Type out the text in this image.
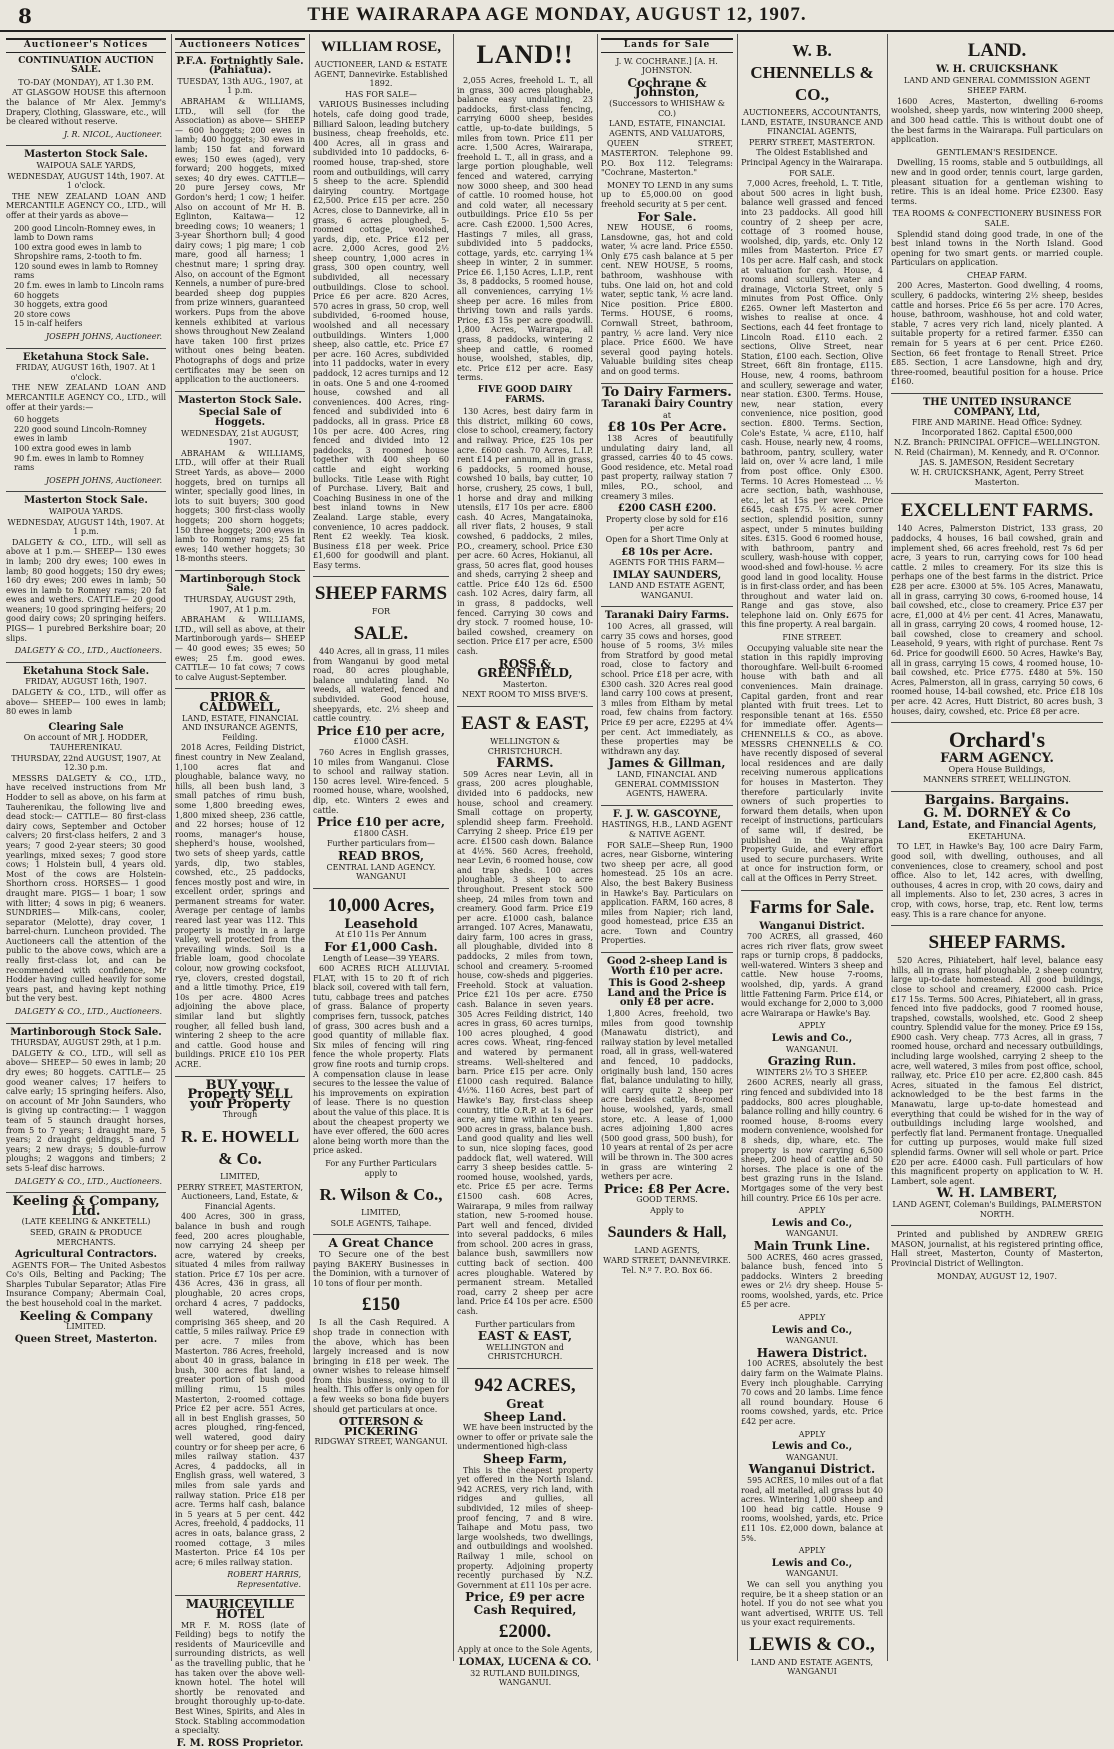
8	THE WAIRARAPA AGE MONDAY, AUGUST 12, 1907.
Auctioneer's Notices
CONTINUATION AUCTION SALE.
TO-DAY (MONDAY), AT 1.30 P.M.

AT GLASGOW HOUSE this afternoon the balance of Mr Alex. Jemmy's Drapery, Clothing, Glassware, etc., will be cleared without reserve.

J. R. NICOL, Auctioneer.
Masterton Stock Sale.
WAIPOUA SALE YARDS,
WEDNESDAY, AUGUST 14th, 1907. At 1 o'clock.

THE NEW ZEALAND LOAN AND MERCANTILE AGENCY CO., LTD., will offer at their yards as above—

200 good Lincoln-Romney ewes, in lamb to Down rams
100 extra good ewes in lamb to Shropshire rams, 2-tooth to fm.
120 sound ewes in lamb to Romney rams
20 f.m. ewes in lamb to Lincoln rams
60 hoggets
30 hoggets, extra good
20 store cows
15 in-calf heifers
JOSEPH JOHNS, Auctioneer.
Eketahuna Stock Sale.
FRIDAY, AUGUST 16th, 1907. At 1 o'clock.

THE NEW ZEALAND LOAN AND MERCANTILE AGENCY CO., LTD., will offer at their yards:—

60 hoggets
220 good sound Lincoln-Romney ewes in lamb
100 extra good ewes in lamb
90 f.m. ewes in lamb to Romney rams
JOSEPH JOHNS, Auctioneer.
Masterton Stock Sale.
WAIPOUA YARDS.
WEDNESDAY, AUGUST 14th, 1907. At 1 p.m.

DALGETY & CO., LTD., will sell as above at 1 p.m.— SHEEP— 130 ewes in lamb; 200 dry ewes; 100 ewes in lamb; 80 good hoggets; 150 dry ewes; 160 dry ewes; 200 ewes in lamb; 50 ewes in lamb to Romney rams; 20 fat ewes and wethers. CATTLE— 20 good weaners; 10 good springing heifers; 20 good dairy cows; 20 springing heifers. PIGS— 1 purebred Berkshire boar; 20 slips.

DALGETY & CO., LTD., Auctioneers.
Eketahuna Stock Sale.
FRIDAY, AUGUST 16th, 1907.

DALGETY & CO., LTD., will offer as above— SHEEP— 100 ewes in lamb; 80 ewes in lamb

Clearing Sale
On account of MR J. HODDER, TAUHERENIKAU.
THURSDAY, 22nd AUGUST, 1907, At 12.30 p.m.

MESSRS DALGETY & CO., LTD., have received instructions from Mr Hodder to sell as above, on his farm at Tauherenikau, the following live and dead stock:— CATTLE— 80 first-class dairy cows, September and October calvers; 20 first-class heifers, 2 and 3 years; 7 good 2-year steers; 30 good yearlings, mixed sexes; 7 good store cows; 1 Holstein bull, 4 years old. Most of the cows are Holstein-Shorthorn cross. HORSES— 1 good draught mare. PIGS— 1 boar; 1 sow with litter; 4 sows in pig; 6 weaners. SUNDRIES— Milk-cans, cooler, separator (Melotte), dray cover, 1 barrel-churn. Luncheon provided. The Auctioneers call the attention of the public to the above cows, which are a really first-class lot, and can be recommended with confidence, Mr Hodder having culled heavily for some years past, and having kept nothing but the very best.

DALGETY & CO., LTD., Auctioneers.
Martinborough Stock Sale.
THURSDAY, AUGUST 29th, at 1 p.m.

DALGETY & CO., LTD., will sell as above— SHEEP— 50 ewes in lamb; 20 dry ewes; 80 hoggets. CATTLE— 25 good weaner calves; 17 heifers to calve early; 15 springing heifers. Also, on account of Mr John Saunders, who is giving up contracting:— 1 waggon team of 5 staunch draught horses, from 5 to 7 years; 1 draught mare, 5 years; 2 draught geldings, 5 and 7 years; 2 new drays; 5 double-furrow ploughs; 2 waggons and timbers; 2 sets 5-leaf disc harrows.

DALGETY & CO., LTD., Auctioneers.
Keeling & Company, Ltd.
(LATE KEELING & ANKETELL)
SEED, GRAIN & PRODUCE MERCHANTS.
Agricultural Contractors.

AGENTS FOR— The United Asbestos Co's Oils, Belting and Packing; The Sharples Tubular Separator; Atlas Fire Insurance Company; Abermain Coal, the best household coal in the market.

Keeling & Company
LIMITED.
Queen Street, Masterton.
Auctioneers Notices
P.F.A. Fortnightly Sale. (Pahiatua).
TUESDAY, 13th AUG., 1907, at 1 p.m.

ABRAHAM & WILLIAMS, LTD., will sell (for the Association) as above— SHEEP— 600 hoggets; 200 ewes in lamb; 400 hoggets; 30 ewes in lamb; 150 fat and forward ewes; 150 ewes (aged), very forward; 200 hoggets, mixed sexes; 40 dry ewes. CATTLE— 20 pure Jersey cows, Mr Gordon's herd; 1 cow; 1 heifer. Also on account of Mr H. B. Eglinton, Kaitawa— 12 breeding cows; 10 weaners; 1 3-year Shorthorn bull; 4 good dairy cows; 1 pig mare; 1 cob mare, good all harness; 1 chestnut mare; 1 spring dray. Also, on account of the Egmont Kennels, a number of pure-bred bearded sheep dog puppies from prize winners, guaranteed workers. Pups from the above kennels exhibited at various shows throughout New Zealand have taken 100 first prizes without ones being beaten. Photographs of dogs and prize certificates may be seen on application to the auctioneers.

Masterton Stock Sale.
Special Sale of Hoggets.
WEDNESDAY, 21st AUGUST, 1907.

ABRAHAM & WILLIAMS, LTD., will offer at their Ruall Street Yards, as above— 2000 hoggets, bred on turnips all winter, specially good lines, in lots to suit buyers; 300 good hoggets; 300 first-class woolly hoggets; 200 shorn hoggets; 150 three hoggets; 200 ewes in lamb to Romney rams; 25 fat ewes; 140 wether hoggets; 30 18-months steers.

Martinborough Stock Sale.
THURSDAY, AUGUST 29th, 1907, At 1 p.m.

ABRAHAM & WILLIAMS, LTD., will sell as above, at their Martinborough yards— SHEEP— 40 good ewes; 35 ewes; 50 ewes; 25 f.m. good ewes. CATTLE— 10 fat cows; 7 cows to calve August-September.

PRIOR & CALDWELL,
LAND, ESTATE, FINANCIAL AND INSURANCE AGENTS, Feilding.

2018 Acres, Feilding District, finest country in New Zealand, 1,100 acres flat and ploughable, balance wavy, no hills, all been bush land, 3 small patches of rimu bush, some 1,800 breeding ewes, 1,800 mixed sheep, 236 cattle, and 22 horses; house of 12 rooms, manager's house, shepherd's house, woolshed, two sets of sheep yards, cattle yards, dip, two stables, cowshed, etc., 25 paddocks, fences mostly post and wire, in excellent order, springs and permanent streams for water. Average per centage of lambs reared last year was 112. This property is mostly in a large valley, well protected from the prevailing winds. Soil is a friable loam, good chocolate colour, now growing cocksfoot, rye, clovers, crested dogstail, and a little timothy. Price, £19 10s per acre. 4800 Acres adjoining the above place, similar land but slightly rougher, all felled bush land, wintering 2 sheep to the acre and cattle. Good house and buildings. PRICE £10 10s PER ACRE.

BUY your Property SELL your Property
Through
R. E. HOWELL & Co.
LIMITED,
PERRY STREET, MASTERTON, Auctioneers, Land, Estate, & Financial Agents.

400 Acres, 300 in grass, balance in bush and rough feed, 200 acres ploughable, now carrying 24 sheep per acre, watered by creeks, situated 4 miles from railway station. Price £7 10s per acre. 436 Acres, 436 in grass, all ploughable, 20 acres crops, orchard 4 acres, 7 paddocks, well watered, dwelling comprising 365 sheep, and 20 cattle, 5 miles railway. Price £9 per acre. 7 miles from Masterton. 786 Acres, freehold, about 40 in grass, balance in bush, 300 acres flat land, a greater portion of bush good milling rimu, 15 miles Masterton, 2-roomed cottage. Price £2 per acre. 551 Acres, all in best English grasses, 50 acres ploughed, ring-fenced, well watered, good dairy country or for sheep per acre, 6 miles railway station. 437 Acres, 4 paddocks, all in English grass, well watered, 3 miles from sale yards and railway station. Price £18 per acre. Terms half cash, balance in 5 years at 5 per cent. 442 Acres, freehold, 4 paddocks, 11 acres in oats, balance grass, 2 roomed cottage, 3 miles Masterton. Price £4 10s per acre; 6 miles railway station.

ROBERT HARRIS, Representative.
MAURICEVILLE HOTEL

MR F. M. ROSS (late of Feilding) begs to notify the residents of Mauriceville and surrounding districts, as well as the travelling public, that he has taken over the above well-known hotel. The hotel will shortly be renovated and brought thoroughly up-to-date. Best Wines, Spirits, and Ales in Stock. Stabling accommodation a specialty.

F. M. ROSS Proprietor.
WILLIAM ROSE,
AUCTIONEER, LAND & ESTATE AGENT, Dannevirke. Established 1892.
HAS FOR SALE—

VARIOUS Businesses including hotels, cafe doing good trade, Billiard Saloon, leading butchery business, cheap freeholds, etc. 400 Acres, all in grass and subdivided into 10 paddocks, 6-roomed house, trap-shed, store room and outbuildings, will carry 5 sheep to the acre. Splendid dairying country. Mortgage £2,500. Price £15 per acre. 250 Acres, close to Dannevirke, all in grass, 6 acres ploughed, 5-roomed cottage, woolshed, yards, dip, etc. Price £12 per acre. 2,000 Acres, good 2½ sheep country, 1,000 acres in grass, 300 open country, well subdivided, all necessary outbuildings. Close to school. Price £6 per acre. 820 Acres, 570 acres in grass, 50 crop, well subdivided, 6-roomed house, woolshed and all necessary outbuildings. Winters 1,000 sheep, also cattle, etc. Price £7 per acre. 160 Acres, subdivided into 11 paddocks, water in every paddock, 12 acres turnips and 12 in oats. One 5 and one 4-roomed house, cowshed and all conveniences. 400 Acres, ring-fenced and subdivided into 6 paddocks, all in grass. Price £8 10s per acre. 400 Acres, ring fenced and divided into 12 paddocks, 3 roomed house together with 400 sheep 60 cattle and eight working bullocks. Title Lease with Right of Purchase. Livery, Bait and Coaching Business in one of the best inland towns in New Zealand. Large stable, every convenience, 10 acres paddock. Rent £2 weekly. Tea kiosk. Business £18 per week. Price £1,600 for goodwill and plant. Easy terms.

SHEEP FARMS
FOR
SALE.

440 Acres, all in grass, 11 miles from Wanganui by good metal road, 80 acres ploughable, balance undulating land. No weeds, all watered, fenced and subdivided. Good house, sheepyards, etc. 2½ sheep and cattle country.

Price £10 per acre,
£1000 CASH.

760 Acres in English grasses, 10 miles from Wanganui. Close to school and railway station. 150 acres level. Wire-fenced. 5 roomed house, whare, woolshed, dip, etc. Winters 2 ewes and cattle.

Price £10 per acre,
£1800 CASH.
Further particulars from—
READ BROS,
CENTRAL LAND AGENCY. WANGANUI
10,000 Acres,
Leasehold
At £10 11s Per Annum
For £1,000 Cash.
Length of Lease—39 YEARS.

600 ACRES RICH ALLUVIAL FLAT, with 15 to 20 ft of rich black soil, covered with tall fern, tutu, cabbage trees and patches of grass. Balance of property comprises fern, tussock, patches of grass, 300 acres bush and a good quantity of millable flax. Six miles of fencing will ring fence the whole property. Flats grow fine roots and turnip crops. A compensation clause in lease secures to the lessee the value of his improvements on expiration of lease. There is no question about the value of this place. It is about the cheapest property we have ever offered, the 600 acres alone being worth more than the price asked.

For any Further Particulars apply to
R. Wilson & Co.,
LIMITED,
SOLE AGENTS, Taihape.
A Great Chance

TO Secure one of the best paying BAKERY Businesses in the Dominion, with a turnover of 10 tons of flour per month.

£150

Is all the Cash Required. A shop trade in connection with the above, which has been largely increased and is now bringing in £18 per week. The owner wishes to release himself from this business, owing to ill health. This offer is only open for a few weeks so bona fide buyers should get particulars at once.

OTTERSON & PICKERING
RIDGWAY STREET, WANGANUI.
LAND!!

2,055 Acres, freehold L. T., all in grass, 300 acres ploughable, balance easy undulating, 23 paddocks, first-class fencing, carrying 6000 sheep, besides cattle, up-to-date buildings, 5 miles from town. Price £11 per acre. 1,500 Acres, Wairarapa, freehold L. T., all in grass, and a large portion ploughable, well fenced and watered, carrying now 3000 sheep, and 300 head of cattle. 10 roomed house, hot and cold water, all necessary outbuildings. Price £10 5s per acre. Cash £2000. 1,500 Acres, Hastings 7 miles, all grass, subdivided into 5 paddocks, cottage, yards, etc. carrying 1¾ sheep in winter, 2 in summer. Price £6. 1,150 Acres, L.I.P., rent 3s, 8 paddocks, 5 roomed house, all conveniences, carrying 1½ sheep per acre. 16 miles from thriving town and rails yards. Price, £3 15s per acre goodwill. 1,800 Acres, Wairarapa, all grass, 8 paddocks, wintering 2 sheep and cattle, 6 roomed house, woolshed, stables, dip, etc. Price £12 per acre. Easy terms.

FIVE GOOD DAIRY FARMS.

130 Acres, best dairy farm in this district, milking 60 cows, close to school, creamery, factory and railway. Price, £25 10s per acre. £600 cash. 70 Acres, L.I.P. rent £14 per annum, all in grass, 6 paddocks, 5 roomed house, cowshed 10 bails, bay cutter, 10 horse, crushery, 25 cows, 1 bull, 1 horse and dray and milking utensils, £17 10s per acre. £800 cash. 40 Acres, Mangatainoka, all river flats, 2 houses, 9 stall cowshed, 6 paddocks, 2 miles, P.O., creamery, school. Price £30 per acre. 60 Acres, Hokianui, all grass, 50 acres flat, good houses and sheds, carrying 2 sheep and cattle. Price £40 12s 6d. £500 cash. 102 Acres, dairy farm, all in grass, 8 paddocks, well fenced. Carrying 30 cows and dry stock. 7 roomed house, 10-bailed cowshed, creamery on section. Price £17 per acre, £500 cash.

ROSS & GREENFIELD,
Masterton.
NEXT ROOM TO MISS BIVE'S.
EAST & EAST,
WELLINGTON & CHRISTCHURCH.
FARMS.

509 Acres near Levin, all in grass, 200 acres ploughable, divided into 6 paddocks, new house, school and creamery. Small cottage on property, splendid sheep farm. Freehold. Carrying 2 sheep. Price £19 per acre. £1500 cash down. Balance at 4½%. 560 Acres, freehold, near Levin, 6 roomed house, cow and trap sheds. 100 acres ploughable, 3 sheep to acre throughout. Present stock 500 sheep, 24 miles from town and creamery. Good farm. Price £19 per acre. £1000 cash, balance arranged. 107 Acres, Manawatu, dairy farm, 100 acres in grass, all ploughable, divided into 8 paddocks, 2 miles from town, school and creamery. 5-roomed house, cow-sheds and piggeries. Freehold. Stock at valuation. Price £21 10s per acre. £750 cash. Balance in seven years. 305 Acres Feilding district, 140 acres in grass, 60 acres turnips, 100 acres ploughed, 4 good acres cows. Wheat, ring-fenced and watered by permanent streams. Well-sheltered and barn. Price £15 per acre. Only £1000 cash required. Balance 4½%. 1160 Acres, best part of Hawke's Bay, first-class sheep country, title O.R.P. at 1s 6d per acre, any time within ten years. 900 acres in grass, balance bush. Land good quality and lies well to sun, nice sloping faces, good paddock flat, well watered. Will carry 3 sheep besides cattle. 5-roomed house, woolshed, yards, etc. Price £5 per acre. Terms £1500 cash. 608 Acres, Wairarapa, 9 miles from railway station, new 5-roomed house. Part well and fenced, divided into several paddocks, 6 miles from school. 200 acres in grass, balance bush, sawmillers now cutting back of section. 400 acres ploughable. Watered by permanent stream. Metalled road, carry 2 sheep per acre land. Price £4 10s per acre. £500 cash.

Further particulars from
EAST & EAST,
WELLINGTON and CHRISTCHURCH.
942 ACRES,
Great
Sheep Land.

WE have been instructed by the owner to offer or private sale the undermentioned high-class

Sheep Farm,

This is the cheapest property yet offered in the North Island. 942 ACRES, very rich land, with ridges and gullies, all subdivided, 12 miles of sheep-proof fencing, 7 and 8 wire. Taihape and Motu pass, two large woolsheds, two dwellings, and outbuildings and woolshed. Railway 1 mile, school on property. Adjoining property recently purchased by N.Z. Government at £11 10s per acre.

Price, £9 per acre
Cash Required,
£2000.
Apply at once to the Sole Agents,
LOMAX, LUCENA & CO.
32 RUTLAND BUILDINGS, WANGANUI.
Lands for Sale
J. W. COCHRANE.] [A. H. JOHNSTON.
Cochrane & Johnston,
(Successors to WHISHAW & CO.)
LAND, ESTATE, FINANCIAL AGENTS, AND VALUATORS,

QUEEN STREET, MASTERTON. Telephone 99. P.O. Box 112. Telegrams: "Cochrane, Masterton."

MONEY TO LEND in any sums up to £5,000.00 on good freehold security at 5 per cent.

For Sale.

NEW HOUSE, 6 rooms, Lansdowne, gas, hot and cold water, ¼ acre land. Price £550. Only £75 cash balance at 5 per cent. NEW HOUSE, 5 rooms, bathroom, washhouse with tubs. One laid on, hot and cold water, septic tank, ½ acre land. Nice position. Price £800. Terms. HOUSE, 6 rooms, Cornwall Street, bathroom, pantry, ½ acre land. Very nice place. Price £600. We have several good paying hotels. Valuable building sites cheap and on good terms.

To Dairy Farmers.
Taranaki Dairy Country
at
£8 10s Per Acre.

138 Acres of beautifully undulating dairy land, all grassed, carries 40 to 45 cows. Good residence, etc. Metal road past property, railway station 7 miles, P.O., school, and creamery 3 miles.

£200 CASH £200.
Property close by sold for £16 per acre
Open for a Short Time Only at
£8 10s per Acre.
AGENTS FOR THIS FARM—
IMLAY SAUNDERS,
LAND AND ESTATE AGENT, WANGANUI.
Taranaki Dairy Farms.

100 Acres, all grassed, will carry 35 cows and horses, good house of 5 rooms, 3½ miles from Stratford by good metal road, close to factory and school. Price £18 per acre, with £300 cash. 320 Acres real good land carry 100 cows at present, 3 miles from Eltham by metal road, few chains from factory. Price £9 per acre, £2295 at 4¼ per cent. Act immediately, as these properties may be withdrawn any day.

James & Gillman,
LAND, FINANCIAL AND GENERAL COMMISSION AGENTS, HAWERA.
F. J. W. GASCOYNE,
HASTINGS, H.B., LAND AGENT & NATIVE AGENT.

FOR SALE—Sheep Run, 1900 acres, near Gisborne, wintering two sheep per acre, all good homestead. 25 10s an acre. Also, the best Bakery Business in Hawke's Bay. Particulars on application. FARM, 160 acres, 8 miles from Napier; rich land, good homestead, price £35 an acre. Town and Country Properties.

Good 2-sheep Land is Worth £10 per acre.
This is Good 2-sheep Land and the Price is only £8 per acre.

1,800 Acres, freehold, two miles from good township (Manawatu district), and railway station by level metalled road, all in grass, well-watered and fenced, 10 paddocks, originally bush land, 150 acres flat, balance undulating to hilly, will carry quite 2 sheep per acre besides cattle, 8-roomed house, woolshed, yards, small store, etc. A lease of 1,000 acres adjoining 1,800 acres (500 good grass, 500 bush), for 10 years at rental of 2s per acre will be thrown in. The 300 acres in grass are wintering 2 wethers per acre.

Price: £8 Per Acre.
GOOD TERMS.
Apply to
Saunders & Hall,
LAND AGENTS,
WARD STREET, DANNEVIRKE. Tel. N.º 7. P.O. Box 66.
W. B. CHENNELLS & CO.,
AUCTIONEERS, ACCOUNTANTS, LAND, ESTATE, INSURANCE AND FINANCIAL AGENTS,
PERRY STREET, MASTERTON.
The Oldest Established and Principal Agency in the Wairarapa.
FOR SALE.

7,000 Acres, freehold, L. T. Title, about 500 acres in light bush, balance well grassed and fenced into 23 paddocks. All good hill country of 2 sheep per acre, cottage of 3 roomed house, woolshed, dip, yards, etc. Only 12 miles from Masterton. Price £7 10s per acre. Half cash, and stock at valuation for cash. House, 4 rooms and scullery, water and drainage, Victoria Street, only 5 minutes from Post Office. Only £265. Owner left Masterton and wishes to realise at once. 4 Sections, each 44 feet frontage to Lincoln Road. £110 each. 2 sections, Olive Street, near Station, £100 each. Section, Olive Street, 66ft 8in frontage, £115. House, new, 4 rooms, bathroom and scullery, sewerage and water, near station. £300. Terms. House, new, near station, every convenience, nice position, good section. £800. Terms. Section, Cole's Estate, ¼ acre, £110, half cash. House, nearly new, 4 rooms, bathroom, pantry, scullery, water laid on, over ¼ acre land, 1 mile from post office. Only £300. Terms. 10 Acres Homestead ... ½ acre section, bath, washhouse, etc., let at 15s per week. Price £645, cash £75. ½ acre corner section, splendid position, sunny aspect, under 5 minutes building sites. £315. Good 6 roomed house, with bathroom, pantry and scullery, wash-house with copper, wood-shed and fowl-house. ½ acre good land in good locality. House is in first-class order, and has been throughout and water laid on. Range and gas stove, also telephone laid on. Only £675 for this fine property. A real bargain.

FINE STREET.

Occupying valuable site near the station in this rapidly improving thoroughfare. Well-built 6-roomed house with bath and all conveniences. Main drainage. Capital garden, front and rear planted with fruit trees. Let to responsible tenant at 16s. £550 for immediate offer. Agents—CHENNELLS & CO., as above. MESSRS CHENNELLS & CO. have recently disposed of several local residences and are daily receiving numerous applications for houses in Masterton. They therefore particularly invite owners of such properties to forward them details, when upon receipt of instructions, particulars of same will, if desired, be published in the Wairarapa Property Guide, and every effort used to secure purchasers. Write at once for instruction form, or call at the Offices in Perry Street.

Farms for Sale.
Wanganui District.

700 ACRES, all grassed, 460 acres rich river flats, grow sweet raps or turnip crops, 8 paddocks, well-watered. Winters 3 sheep and cattle. New house 7-rooms, woolshed, dip, yards. A grand little Fattening Farm. Price £14, or would exchange for 2,000 to 3,000 acre Wairarapa or Hawke's Bay.

APPLY
Lewis and Co.,
WANGANUI.
Grazing Run.
WINTERS 2½ TO 3 SHEEP.

2600 ACRES, nearly all grass, ring fenced and subdivided into 18 paddocks, 800 acres ploughable, balance rolling and hilly country. 6 roomed house, 8-rooms every modern convenience, woolshed for 8 sheds, dip, whare, etc. The property is now carrying 6,500 sheep, 200 head of cattle and 50 horses. The place is one of the best grazing runs in the Island. Mortgages some of the very best hill country. Price £6 10s per acre.

APPLY
Lewis and Co.,
WANGANUI.
Main Trunk Line.

500 ACRES, 460 acres grassed, balance bush, fenced into 5 paddocks. Winters 2 breeding ewes or 2½ dry sheep. House 5-rooms, woolshed, yards, etc. Price £5 per acre.

APPLY
Lewis and Co.,
WANGANUI.
Hawera District.

100 ACRES, absolutely the best dairy farm on the Waimate Plains. Every inch ploughable. Carrying 70 cows and 20 lambs. Lime fence all round boundary. House 6 rooms cowshed, yards, etc. Price £42 per acre.

APPLY
Lewis and Co.,
WANGANUI.
Wanganui District.

595 ACRES, 10 miles out of a flat road, all metalled, all grass but 40 acres. Wintering 1,000 sheep and 100 head big cattle. House 9 rooms, woolshed, yards, etc. Price £11 10s. £2,000 down, balance at 5%.

APPLY
Lewis and Co.,
WANGANUI.

We can sell you anything you require, be it a sheep station or an hotel. If you do not see what you want advertised, WRITE US. Tell us your exact requirements.

LEWIS & CO.,
LAND AND ESTATE AGENTS, WANGANUI
LAND.
W. H. CRUICKSHANK
LAND AND GENERAL COMMISSION AGENT
SHEEP FARM.

1600 Acres, Masterton, dwelling 6-rooms woolshed, sheep yards, now wintering 2000 sheep, and 300 head cattle. This is without doubt one of the best farms in the Wairarapa. Full particulars on application.

GENTLEMAN'S RESIDENCE.

Dwelling, 15 rooms, stable and 5 outbuildings, all new and in good order, tennis court, large garden, pleasant situation for a gentleman wishing to retire. This is an ideal home. Price £2300. Easy terms.

TEA ROOMS & CONFECTIONERY BUSINESS FOR SALE.

Splendid stand doing good trade, in one of the best inland towns in the North Island. Good opening for two smart gents. or married couple. Particulars on application.

CHEAP FARM.

200 Acres, Masterton. Good dwelling, 4 rooms, scullery, 6 paddocks, wintering 2½ sheep, besides cattle and horses. Price £6 5s per acre. 170 Acres, house, bathroom, washhouse, hot and cold water, stable, 7 acres very rich land, nicely planted. A suitable property for a retired farmer. £350 can remain for 5 years at 6 per cent. Price £260. Section, 66 feet frontage to Renall Street. Price £85. Section, 1 acre Lansdowne, high and dry, three-roomed, beautiful position for a house. Price £160.

THE UNITED INSURANCE COMPANY, Ltd,
FIRE AND MARINE. Head Office: Sydney. Incorporated 1862. Capital £500,000
N.Z. Branch: PRINCIPAL OFFICE—WELLINGTON. N. Reid (Chairman), M. Kennedy, and R. O'Connor. JAS. S. JAMESON, Resident Secretary
W. H. CRUICKSHANK, Agent, Perry Street Masterton.
EXCELLENT FARMS.

140 Acres, Palmerston District, 133 grass, 20 paddocks, 4 houses, 16 bail cowshed, grain and implement shed, 66 acres freehold, rest 7s 6d per acre, 3 years to run, carrying cows for 100 head cattle. 2 miles to creamery. For its size this is perhaps one of the best farms in the district. Price £28 per acre. £3000 at 5%. 105 Acres, Manawatu, all in grass, carrying 30 cows, 6-roomed house, 14 bail cowshed, etc., close to creamery. Price £37 per acre, £1,000 at 4½ per cent. 41 Acres, Manawatu, all in grass, carrying 20 cows, 4 roomed house, 12-bail cowshed, close to creamery and school. Leasehold, 9 years, with right of purchase. Rent 7s 6d. Price for goodwill £600. 50 Acres, Hawke's Bay, all in grass, carrying 15 cows, 4 roomed house, 10-bail cowshed, etc. Price £775. £480 at 5%. 150 Acres, Palmerston, all in grass, carrying 50 cows, 6 roomed house, 14-bail cowshed, etc. Price £18 10s per acre. 42 Acres, Hutt District, 80 acres bush, 3 houses, dairy, cowshed, etc. Price £8 per acre.

Orchard's
FARM AGENCY.
Opera House Buildings,
MANNERS STREET, WELLINGTON.
Bargains. Bargains.
G. M. DORNEY & Co
Land, Estate, and Financial Agents,
EKETAHUNA.

TO LET, in Hawke's Bay, 100 acre Dairy Farm, good soil, with dwelling, outhouses, and all conveniences, close to creamery, school and post office. Also to let, 142 acres, with dwelling, outhouses, 4 acres in crop, with 20 cows, dairy and all implements. Also to let, 230 acres, 3 acres in crop, with cows, horse, trap, etc. Rent low, terms easy. This is a rare chance for anyone.

SHEEP FARMS.

520 Acres, Pihiatebert, half level, balance easy hills, all in grass, half ploughable, 2 sheep country, large up-to-date homestead. All good buildings, close to school and creamery, £2000 cash. Price £17 15s. Terms. 500 Acres, Pihiatebert, all in grass, fenced into five paddocks, good 7 roomed house, trapshed, cowstalls, woolshed, etc. Good 2 sheep country. Splendid value for the money. Price £9 15s, £900 cash. Very cheap. 773 Acres, all in grass, 7 roomed house, orchard and necessary outbuildings, including large woolshed, carrying 2 sheep to the acre, well watered, 3 miles from post office, school, railway, etc. Price £10 per acre. £2,800 cash. 845 Acres, situated in the famous Eel district, acknowledged to be the best farms in the Manawatu, large up-to-date homestead and everything that could be wished for in the way of outbuildings including large woolshed, and perfectly flat land. Permanent frontage. Unequalled for cutting up purposes, would make full sized splendid farms. Owner will sell whole or part. Price £20 per acre. £4000 cash. Full particulars of how this magnificent property on application to W. H. Lambert, sole agent.

W. H. LAMBERT,
LAND AGENT, Coleman's Buildings, PALMERSTON NORTH.

Printed and published by ANDREW GREIG MASON, journalist, at his registered printing office, Hall street, Masterton, County of Masterton, Provincial District of Wellington.

MONDAY, AUGUST 12, 1907.
